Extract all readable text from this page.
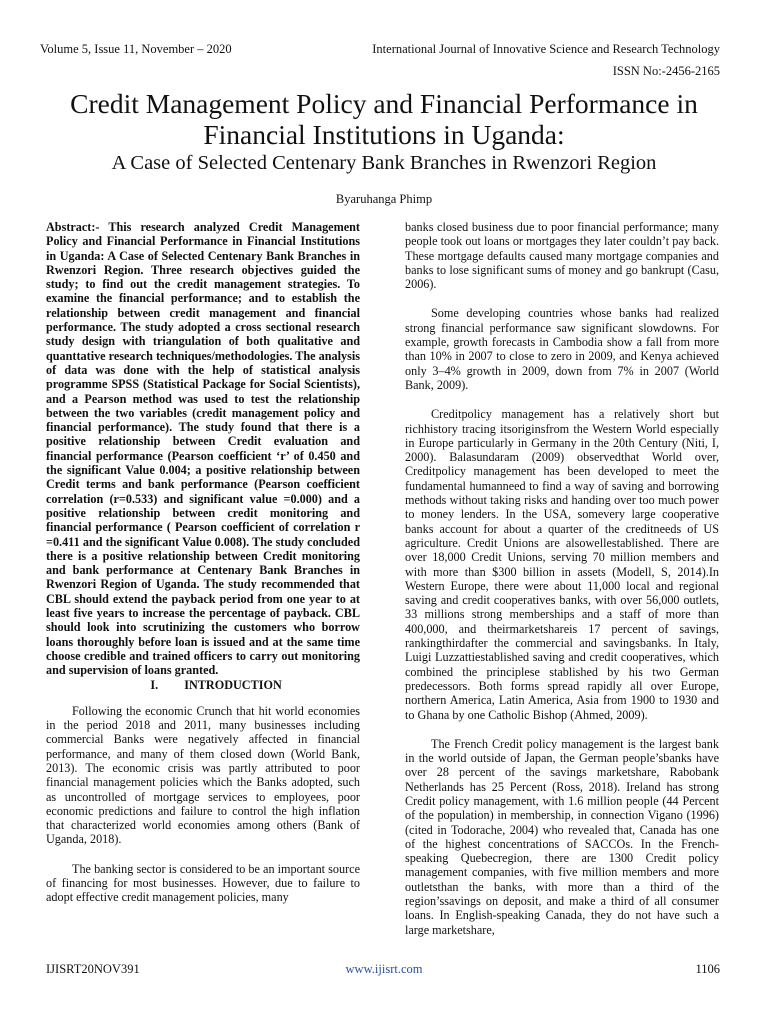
Volume 5, Issue 11, November – 2020	International Journal of Innovative Science and Research Technology
ISSN No:-2456-2165
Credit Management Policy and Financial Performance in Financial Institutions in Uganda:
A Case of Selected Centenary Bank Branches in Rwenzori Region
Byaruhanga Phimp

Abstract:- This research analyzed Credit Management Policy and Financial Performance in Financial Institutions in Uganda: A Case of Selected Centenary Bank Branches in Rwenzori Region. Three research objectives guided the study; to find out the credit management strategies. To examine the financial performance; and to establish the relationship between credit management and financial performance. The study adopted a cross sectional research study design with triangulation of both qualitative and quanttative research techniques/methodologies. The analysis of data was done with the help of statistical analysis programme SPSS (Statistical Package for Social Scientists), and a Pearson method was used to test the relationship between the two variables (credit management policy and financial performance). The study found that there is a positive relationship between Credit evaluation and financial performance (Pearson coefficient ‘r’ of 0.450 and the significant Value 0.004; a positive relationship between Credit terms and bank performance (Pearson coefficient correlation (r=0.533) and significant value =0.000) and a positive relationship between credit monitoring and financial performance ( Pearson coefficient of correlation r =0.411 and the significant Value 0.008). The study concluded there is a positive relationship between Credit monitoring and bank performance at Centenary Bank Branches in Rwenzori Region of Uganda. The study recommended that CBL should extend the payback period from one year to at least five years to increase the percentage of payback. CBL should look into scrutinizing the customers who borrow loans thoroughly before loan is issued and at the same time choose credible and trained officers to carry out monitoring and supervision of loans granted.

I. INTRODUCTION

Following the economic Crunch that hit world economies in the period 2018 and 2011, many businesses including commercial Banks were negatively affected in financial performance, and many of them closed down (World Bank, 2013). The economic crisis was partly attributed to poor financial management policies which the Banks adopted, such as uncontrolled of mortgage services to employees, poor economic predictions and failure to control the high inflation that characterized world economies among others (Bank of Uganda, 2018).

The banking sector is considered to be an important source of financing for most businesses. However, due to failure to adopt effective credit management policies, many

banks closed business due to poor financial performance; many people took out loans or mortgages they later couldn’t pay back. These mortgage defaults caused many mortgage companies and banks to lose significant sums of money and go bankrupt (Casu, 2006).

Some developing countries whose banks had realized strong financial performance saw significant slowdowns. For example, growth forecasts in Cambodia show a fall from more than 10% in 2007 to close to zero in 2009, and Kenya achieved only 3–4% growth in 2009, down from 7% in 2007 (World Bank, 2009).

Creditpolicy management has a relatively short but richhistory tracing itsoriginsfrom the Western World especially in Europe particularly in Germany in the 20th Century (Niti, I, 2000). Balasundaram (2009) observedthat World over, Creditpolicy management has been developed to meet the fundamental humanneed to find a way of saving and borrowing methods without taking risks and handing over too much power to money lenders. In the USA, somevery large cooperative banks account for about a quarter of the creditneeds of US agriculture. Credit Unions are alsowellestablished. There are over 18,000 Credit Unions, serving 70 million members and with more than $300 billion in assets (Modell, S, 2014).In Western Europe, there were about 11,000 local and regional saving and credit cooperatives banks, with over 56,000 outlets, 33 millions strong memberships and a staff of more than 400,000, and theirmarketshareis 17 percent of savings, rankingthirdafter the commercial and savingsbanks. In Italy, Luigi Luzzattiestablished saving and credit cooperatives, which combined the principlese stablished by his two German predecessors. Both forms spread rapidly all over Europe, northern America, Latin America, Asia from 1900 to 1930 and to Ghana by one Catholic Bishop (Ahmed, 2009).

The French Credit policy management is the largest bank in the world outside of Japan, the German people’sbanks have over 28 percent of the savings marketshare, Rabobank Netherlands has 25 Percent (Ross, 2018). Ireland has strong Credit policy management, with 1.6 million people (44 Percent of the population) in membership, in connection Vigano (1996) (cited in Todorache, 2004) who revealed that, Canada has one of the highest concentrations of SACCOs. In the French-speaking Quebecregion, there are 1300 Credit policy management companies, with five million members and more outletsthan the banks, with more than a third of the region’ssavings on deposit, and make a third of all consumer loans. In English-speaking Canada, they do not have such a large marketshare,

IJISRT20NOV391	www.ijisrt.com	1106
